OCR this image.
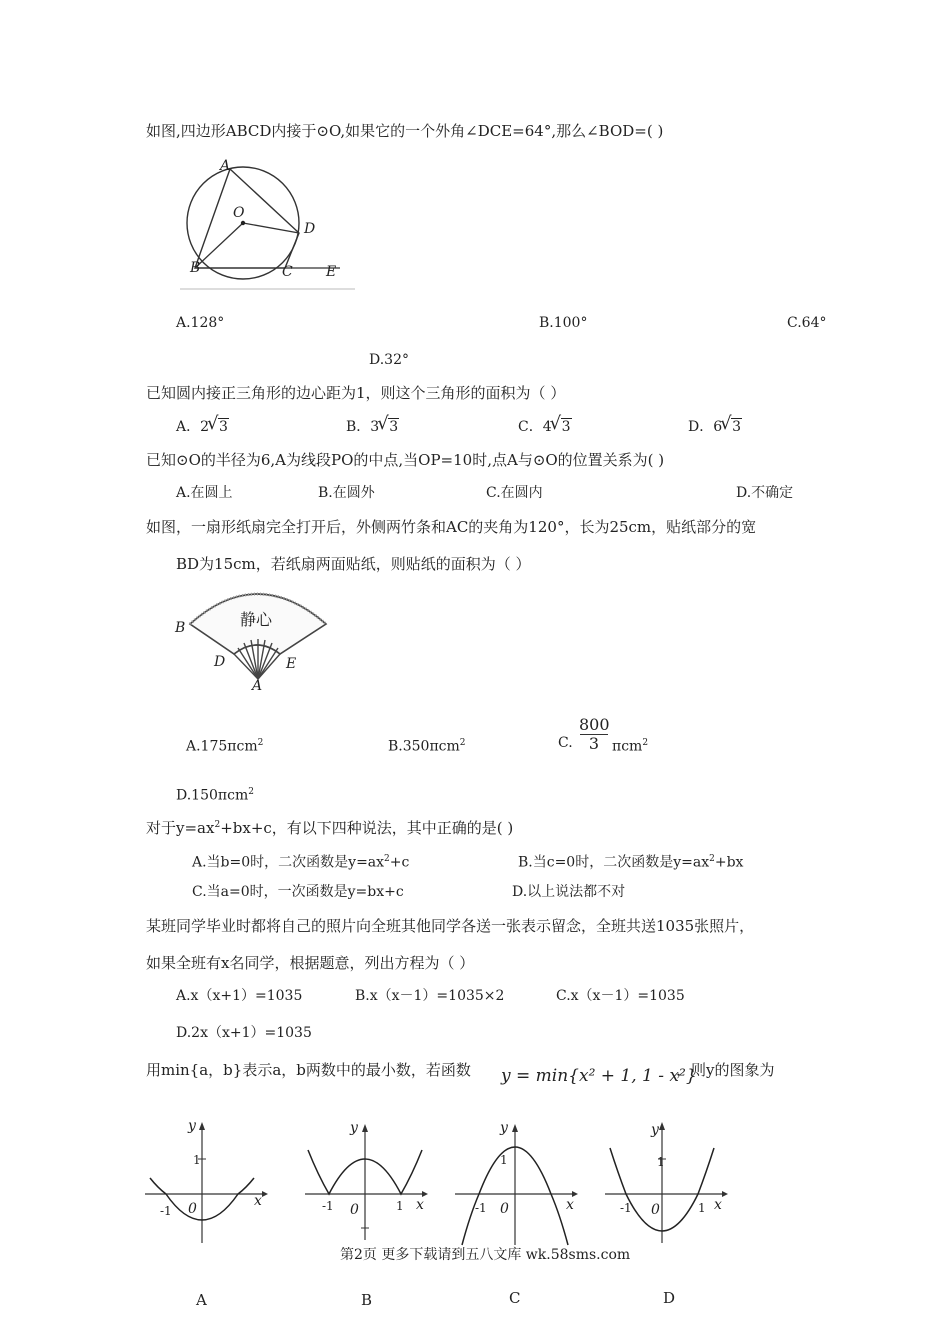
如图,四边形ABCD内接于⊙O,如果它的一个外角∠DCE=64°,那么∠BOD=( )
A
O
D
B	C E
A.128°	B.100°	C.64°
D.32°
已知圆内接正三角形的边心距为1，则这个三角形的面积为（ ）
A．2 √ 3	B．3 √ 3	C．4 √ 3	D．6 √ 3
已知⊙O的半径为6,A为线段PO的中点,当OP=10时,点A与⊙O的位置关系为( )
A.在圆上	B.在圆外	C.在圆内	D.不确定
如图，一扇形纸扇完全打开后，外侧两竹条和AC的夹角为120°，长为25cm，贴纸部分的宽
BD为15cm，若纸扇两面贴纸，则贴纸的面积为（ ）
静心
B
D	E
A
A.175πcm$^2$	B.350πcm$^2$	C.
800
3 πcm$^2$
D.150πcm$^2$
对于$y=ax^2+bx+c$，有以下四种说法，其中正确的是( )
A.当b=0时，二次函数是$y=ax^2+c$	B.当c=0时，二次函数是$y=ax^2+bx$
C.当a=0时，一次函数是y=bx+c	D.以上说法都不对
某班同学毕业时都将自己的照片向全班其他同学各送一张表示留念，全班共送1035张照片，
如果全班有x名同学，根据题意，列出方程为（ ）
A.x（x+1）=1035	B.x（x－1）=1035×2	C.x（x－1）=1035
D.2x（x+1）=1035
用min{a，b}表示a，b两数中的最小数，若函数 y = min{x² + 1, 1 - x²}
，则y的图象为
y
x
1
-1 0
A
y
x
-1	1
0
B
y
x
1
-1 0
C
y
x
1
-1	1
0
D
第2页 更多下载请到五八文库 wk.58sms.com
